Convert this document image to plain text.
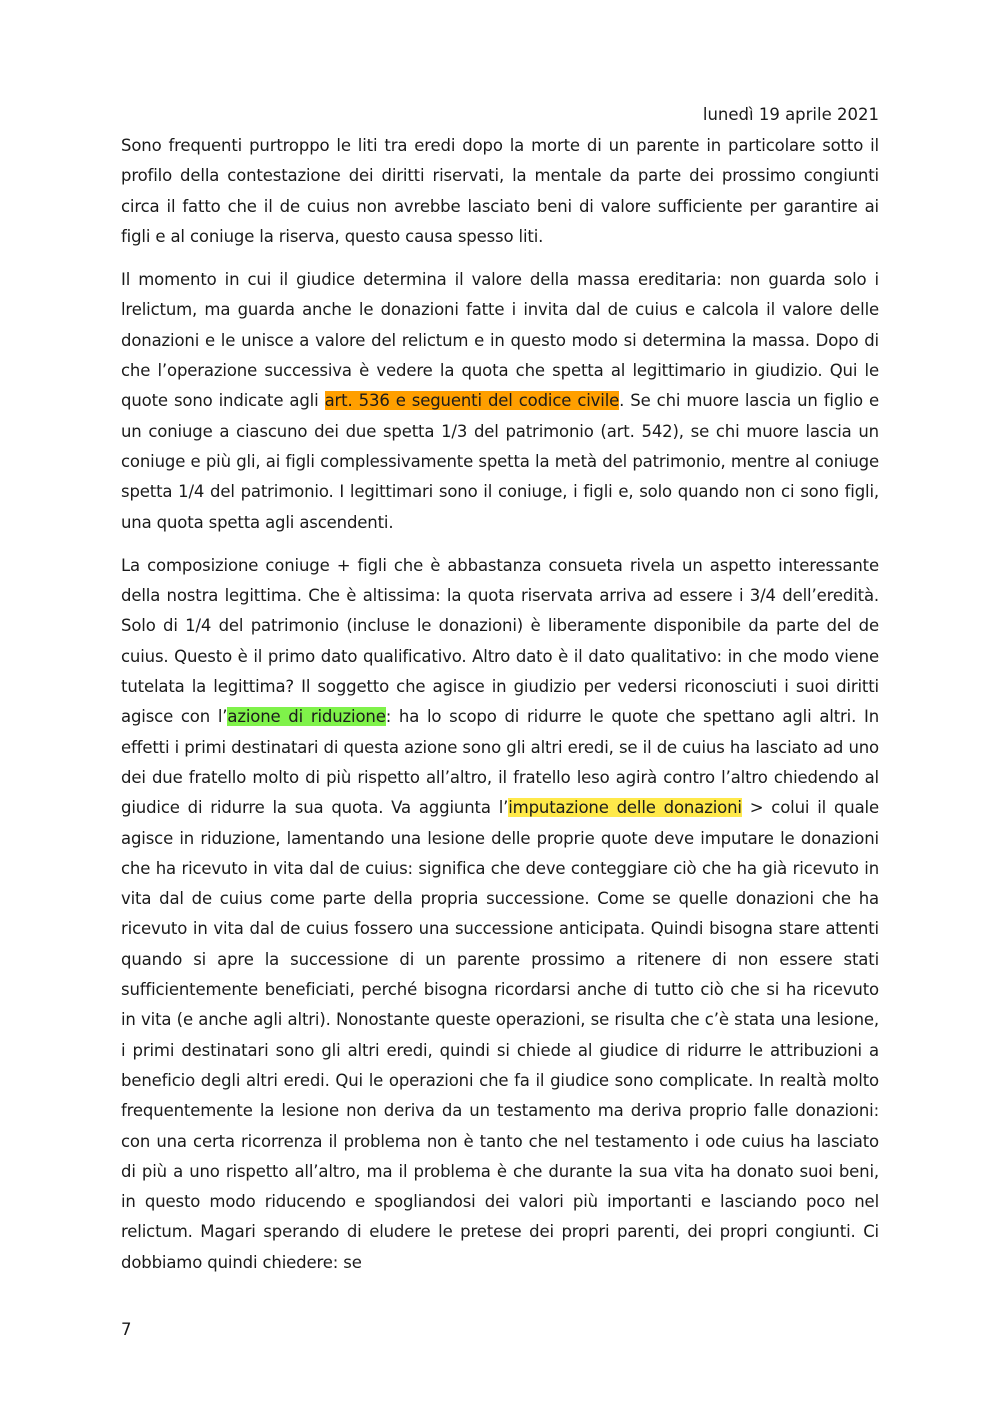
lunedì 19 aprile 2021

Sono frequenti purtroppo le liti tra eredi dopo la morte di un parente in particolare sotto il profilo della contestazione dei diritti riservati, la mentale da parte dei prossimo congiunti circa il fatto che il de cuius non avrebbe lasciato beni di valore sufficiente per garantire ai figli e al coniuge la riserva, questo causa spesso liti.

Il momento in cui il giudice determina il valore della massa ereditaria: non guarda solo i lrelictum, ma guarda anche le donazioni fatte i invita dal de cuius e calcola il valore delle donazioni e le unisce a valore del relictum e in questo modo si determina la massa. Dopo di che l’operazione successiva è vedere la quota che spetta al legittimario in giudizio. Qui le quote sono indicate agli art. 536 e seguenti del codice civile. Se chi muore lascia un figlio e un coniuge a ciascuno dei due spetta 1/3 del patrimonio (art. 542), se chi muore lascia un coniuge e più gli, ai figli complessivamente spetta la metà del patrimonio, mentre al coniuge spetta 1/4 del patrimonio. I legittimari sono il coniuge, i figli e, solo quando non ci sono figli, una quota spetta agli ascendenti.

La composizione coniuge + figli che è abbastanza consueta rivela un aspetto interessante della nostra legittima. Che è altissima: la quota riservata arriva ad essere i 3/4 dell’eredità. Solo di 1/4 del patrimonio (incluse le donazioni) è liberamente disponibile da parte del de cuius. Questo è il primo dato qualificativo. Altro dato è il dato qualitativo: in che modo viene tutelata la legittima? Il soggetto che agisce in giudizio per vedersi riconosciuti i suoi diritti agisce con l’azione di riduzione: ha lo scopo di ridurre le quote che spettano agli altri. In effetti i primi destinatari di questa azione sono gli altri eredi, se il de cuius ha lasciato ad uno dei due fratello molto di più rispetto all’altro, il fratello leso agirà contro l’altro chiedendo al giudice di ridurre la sua quota. Va aggiunta l’imputazione delle donazioni > colui il quale agisce in riduzione, lamentando una lesione delle proprie quote deve imputare le donazioni che ha ricevuto in vita dal de cuius: significa che deve conteggiare ciò che ha già ricevuto in vita dal de cuius come parte della propria successione. Come se quelle donazioni che ha ricevuto in vita dal de cuius fossero una successione anticipata. Quindi bisogna stare attenti quando si apre la successione di un parente prossimo a ritenere di non essere stati sufficientemente beneficiati, perché bisogna ricordarsi anche di tutto ciò che si ha ricevuto in vita (e anche agli altri). Nonostante queste operazioni, se risulta che c’è stata una lesione, i primi destinatari sono gli altri eredi, quindi si chiede al giudice di ridurre le attribuzioni a beneficio degli altri eredi. Qui le operazioni che fa il giudice sono complicate. In realtà molto frequentemente la lesione non deriva da un testamento ma deriva proprio falle donazioni: con una certa ricorrenza il problema non è tanto che nel testamento i ode cuius ha lasciato di più a uno rispetto all’altro, ma il problema è che durante la sua vita ha donato suoi beni, in questo modo riducendo e spogliandosi dei valori più importanti e lasciando poco nel relictum. Magari sperando di eludere le pretese dei propri parenti, dei propri congiunti. Ci dobbiamo quindi chiedere: se

7
